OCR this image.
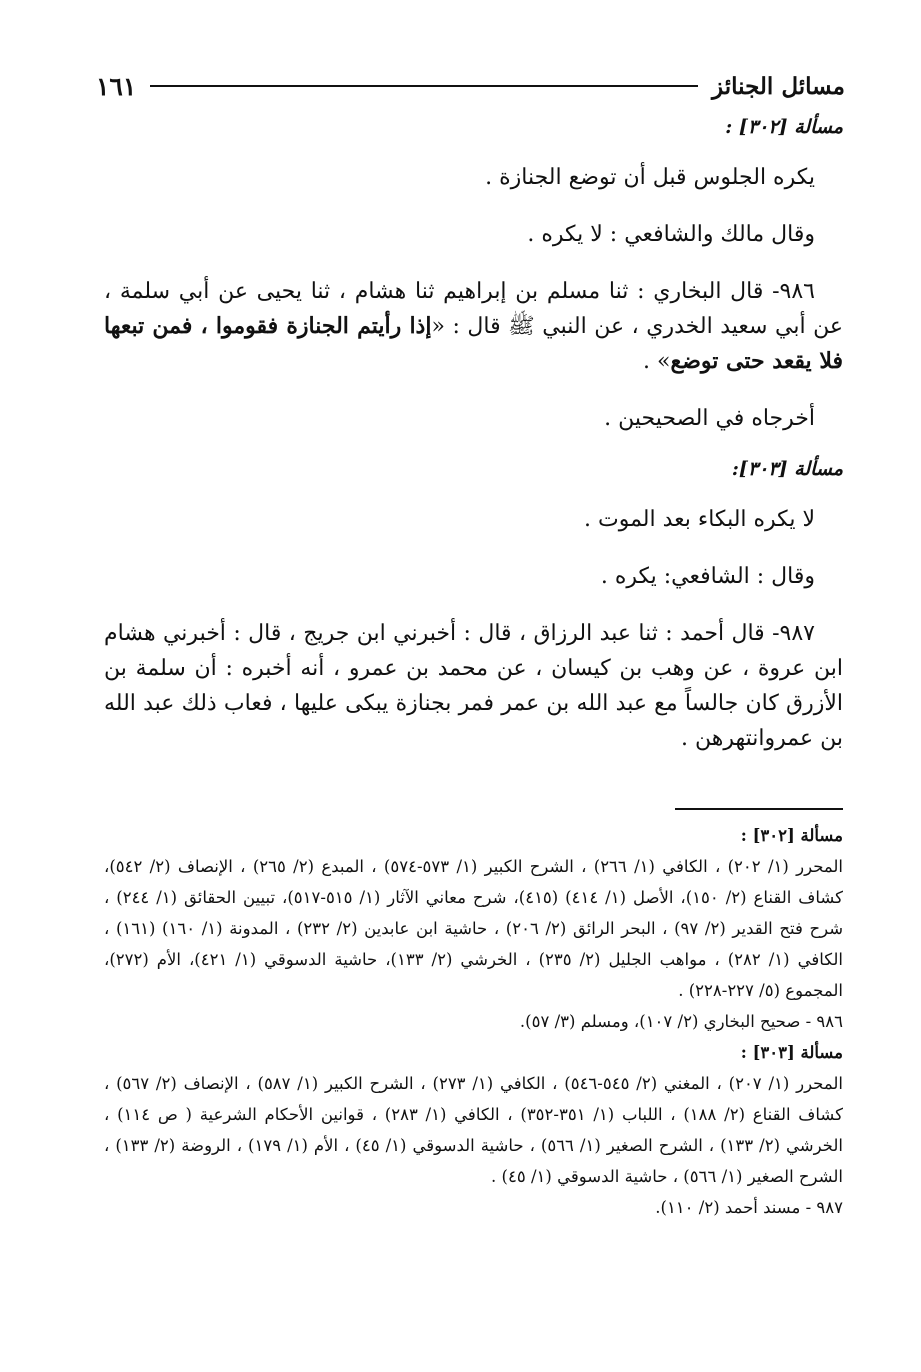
مسائل الجنائز
١٦١

مسألة [٣٠٢] :

يكره الجلوس قبل أن توضع الجنازة .

وقال مالك والشافعي : لا يكره .

٩٨٦- قال البخاري : ثنا مسلم بن إبراهيم ثنا هشام ، ثنا يحيى عن أبي سلمة ، عن أبي سعيد الخدري ، عن النبي ﷺ قال : «إذا رأيتم الجنازة فقوموا ، فمن تبعها فلا يقعد حتى توضع» .

أخرجاه في الصحيحين .

مسألة [٣٠٣]:

لا يكره البكاء بعد الموت .

وقال : الشافعي: يكره .

٩٨٧- قال أحمد : ثنا عبد الرزاق ، قال : أخبرني ابن جريج ، قال : أخبرني هشام ابن عروة ، عن وهب بن كيسان ، عن محمد بن عمرو ، أنه أخبره : أن سلمة بن الأزرق كان جالساً مع عبد الله بن عمر فمر بجنازة يبكى عليها ، فعاب ذلك عبد الله بن عمروانتهرهن .

مسألة [٣٠٢] :

المحرر (١/ ٢٠٢) ، الكافي (١/ ٢٦٦) ، الشرح الكبير (١/ ٥٧٣-٥٧٤) ، المبدع (٢/ ٢٦٥) ، الإنصاف (٢/ ٥٤٢)، كشاف القناع (٢/ ١٥٠)، الأصل (١/ ٤١٤) (٤١٥)، شرح معاني الآثار (١/ ٥١٥-٥١٧)، تبيين الحقائق (١/ ٢٤٤) ، شرح فتح القدير (٢/ ٩٧) ، البحر الرائق (٢/ ٢٠٦) ، حاشية ابن عابدين (٢/ ٢٣٢) ، المدونة (١/ ١٦٠) (١٦١) ، الكافي (١/ ٢٨٢) ، مواهب الجليل (٢/ ٢٣٥) ، الخرشي (٢/ ١٣٣)، حاشية الدسوقي (١/ ٤٢١)، الأم (٢٧٢)، المجموع (٥/ ٢٢٧-٢٢٨) .

٩٨٦ - صحيح البخاري (٢/ ١٠٧)، ومسلم (٣/ ٥٧).

مسألة [٣٠٣] :

المحرر (١/ ٢٠٧) ، المغني (٢/ ٥٤٥-٥٤٦) ، الكافي (١/ ٢٧٣) ، الشرح الكبير (١/ ٥٨٧) ، الإنصاف (٢/ ٥٦٧) ، كشاف القناع (٢/ ١٨٨) ، اللباب (١/ ٣٥١-٣٥٢) ، الكافي (١/ ٢٨٣) ، قوانين الأحكام الشرعية ( ص ١١٤) ، الخرشي (٢/ ١٣٣) ، الشرح الصغير (١/ ٥٦٦) ، حاشية الدسوقي (١/ ٤٥) ، الأم (١/ ١٧٩) ، الروضة (٢/ ١٣٣) ، الشرح الصغير (١/ ٥٦٦) ، حاشية الدسوقي (١/ ٤٥) .

٩٨٧ - مسند أحمد (٢/ ١١٠).
